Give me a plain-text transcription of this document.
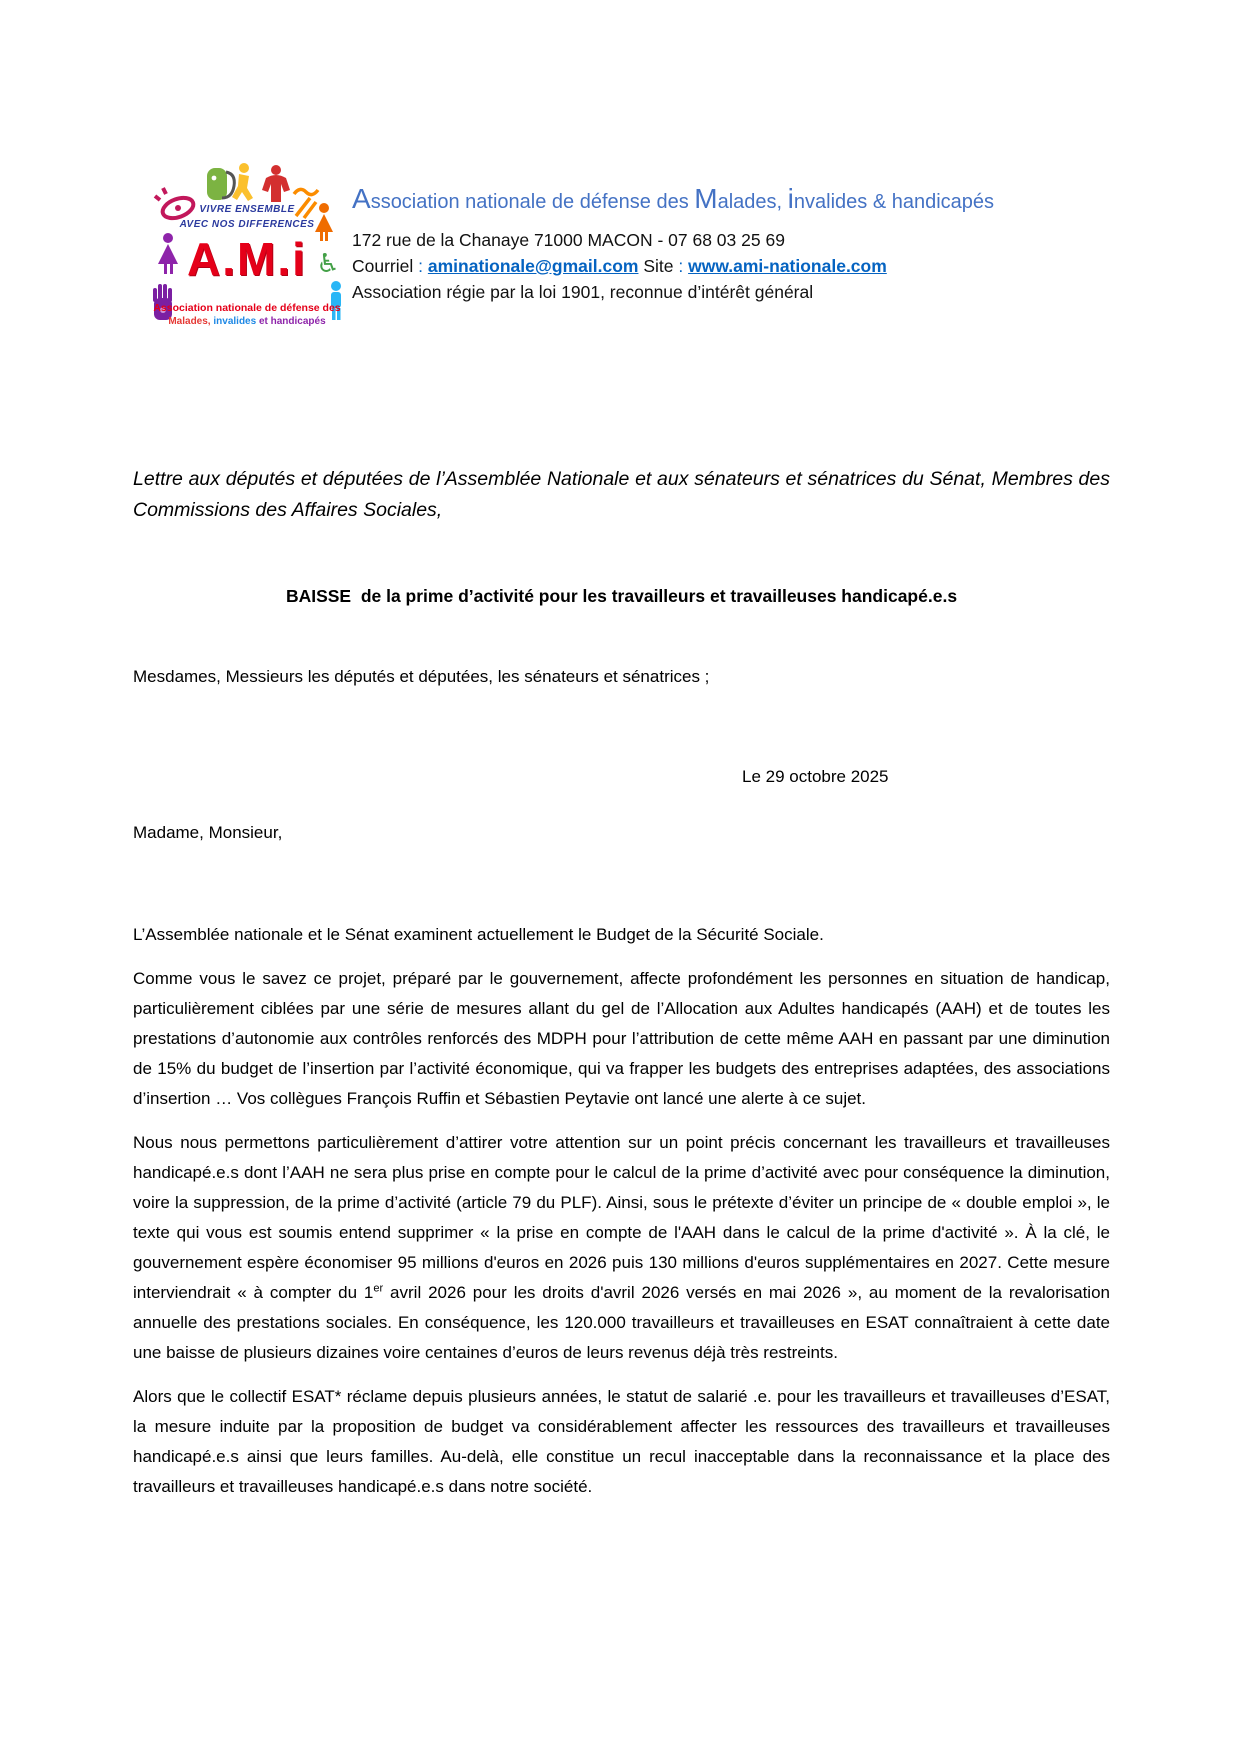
♿
VIVRE ENSEMBLE
AVEC NOS DIFFERENCES
A.M.i
Association nationale de défense des
Malades, invalides et handicapés
Association nationale de défense des Malades, invalides & handicapés
172 rue de la Chanaye 71000 MACON - 07 68 03 25 69
Courriel : aminationale@gmail.com Site : www.ami-nationale.com
Association régie par la loi 1901, reconnue d’intérêt général

Lettre aux députés et députées de l’Assemblée Nationale et aux sénateurs et sénatrices du Sénat, Membres des Commissions des Affaires Sociales,

BAISSE  de la prime d’activité pour les travailleurs et travailleuses handicapé.e.s

Mesdames, Messieurs les députés et députées, les sénateurs et sénatrices ;

Le 29 octobre 2025

Madame, Monsieur,

L’Assemblée nationale et le Sénat examinent actuellement le Budget de la Sécurité Sociale.

Comme vous le savez ce projet, préparé par le gouvernement, affecte profondément les personnes en situation de handicap, particulièrement ciblées par une série de mesures allant du gel de l’Allocation aux Adultes handicapés (AAH) et de toutes les prestations d’autonomie aux contrôles renforcés des MDPH pour l’attribution de cette même AAH en passant par une diminution de 15% du budget de l’insertion par l’activité économique, qui va frapper les budgets des entreprises adaptées, des associations d’insertion … Vos collègues François Ruffin et Sébastien Peytavie ont lancé une alerte à ce sujet.

Nous nous permettons particulièrement d’attirer votre attention sur un point précis concernant les travailleurs et travailleuses handicapé.e.s dont l’AAH ne sera plus prise en compte pour le calcul de la prime d’activité avec pour conséquence la diminution, voire la suppression, de la prime d’activité (article 79 du PLF). Ainsi, sous le prétexte d’éviter un principe de « double emploi », le texte qui vous est soumis entend supprimer « la prise en compte de l'AAH dans le calcul de la prime d'activité ». À la clé, le gouvernement espère économiser 95 millions d'euros en 2026 puis 130 millions d'euros supplémentaires en 2027. Cette mesure interviendrait « à compter du 1er avril 2026 pour les droits d'avril 2026 versés en mai 2026 », au moment de la revalorisation annuelle des prestations sociales. En conséquence, les 120.000 travailleurs et travailleuses en ESAT connaîtraient à cette date une baisse de plusieurs dizaines voire centaines d’euros de leurs revenus déjà très restreints.

Alors que le collectif ESAT* réclame depuis plusieurs années, le statut de salarié .e. pour les travailleurs et travailleuses d’ESAT, la mesure induite par la proposition de budget va considérablement affecter les ressources des travailleurs et travailleuses handicapé.e.s ainsi que leurs familles. Au-delà, elle constitue un recul inacceptable dans la reconnaissance et la place des travailleurs et travailleuses handicapé.e.s dans notre société.
